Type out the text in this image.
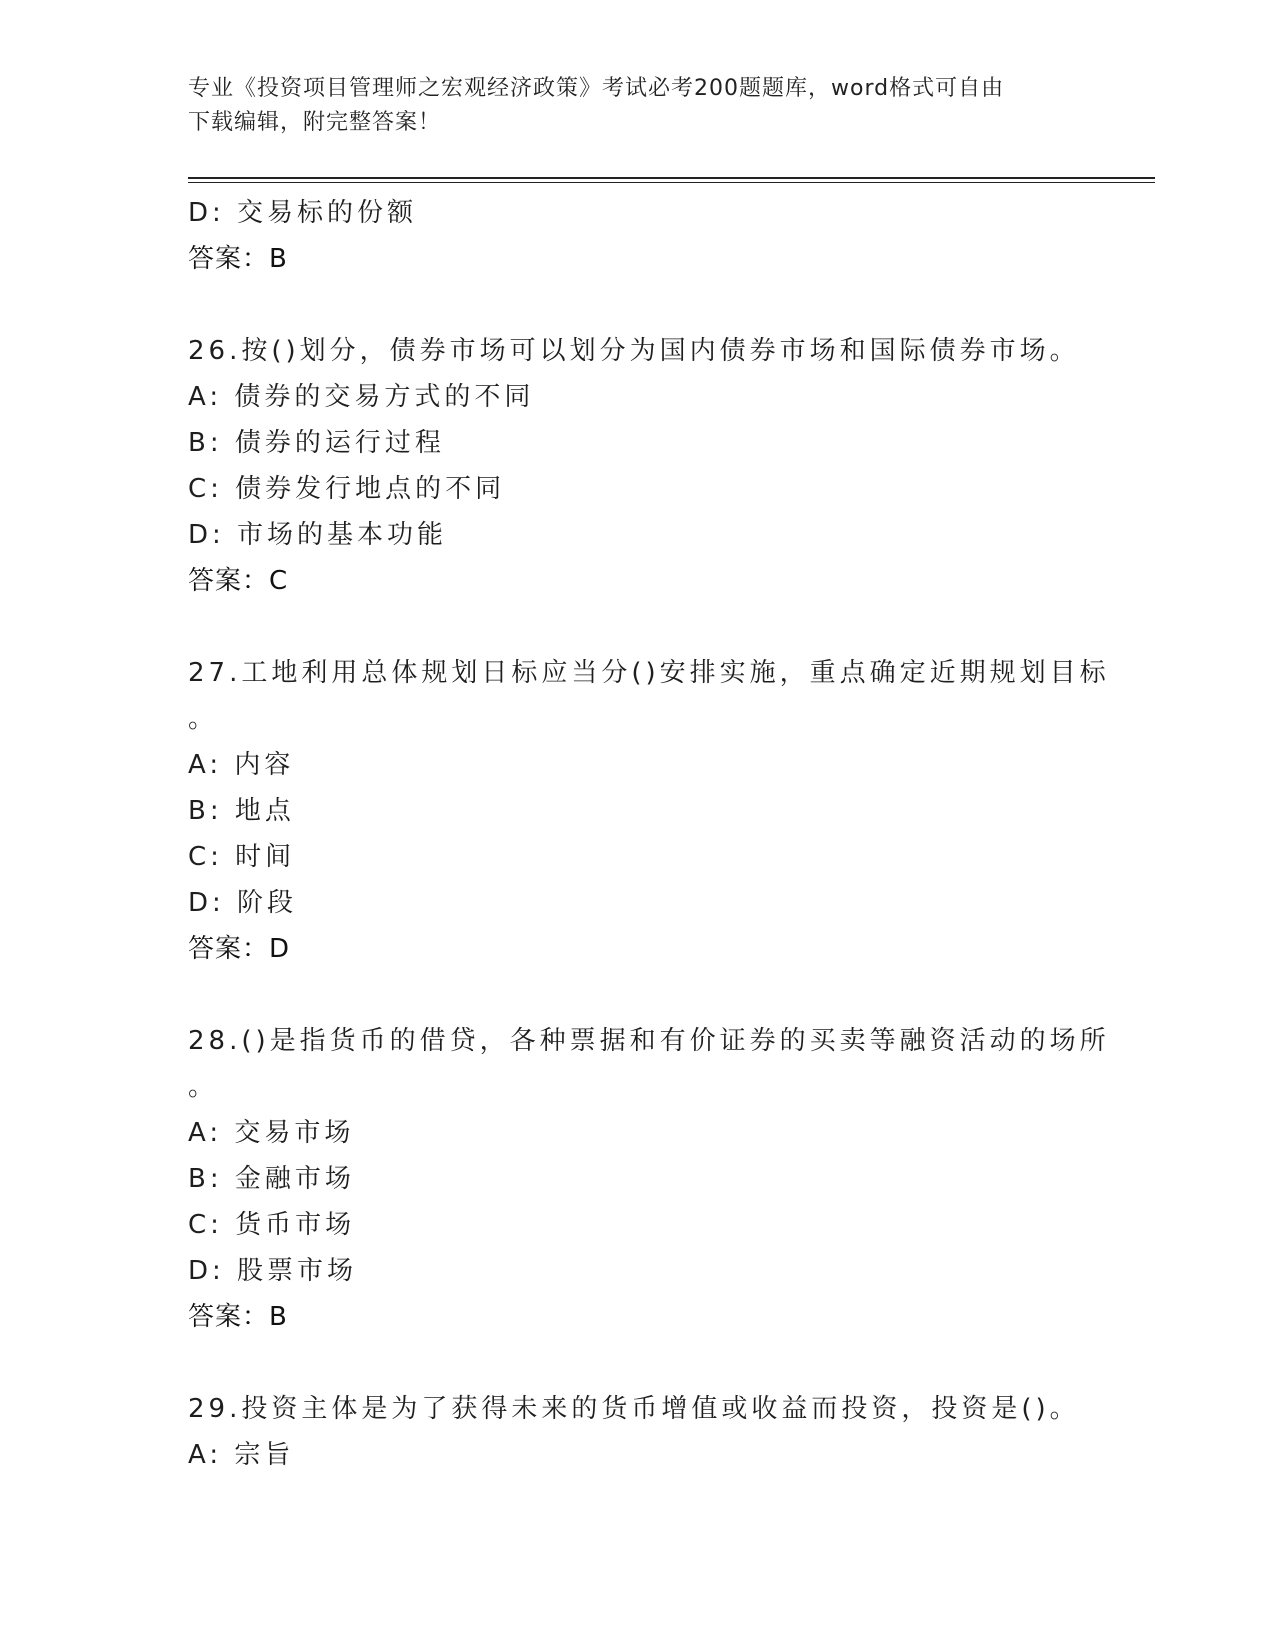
专业《投资项目管理师之宏观经济政策》考试必考200题题库，word格式可自由
下载编辑，附完整答案！
D: 交易标的份额
答案：B
26.按()划分，债券市场可以划分为国内债券市场和国际债券市场。
A: 债券的交易方式的不同
B: 债券的运行过程
C: 债券发行地点的不同
D: 市场的基本功能
答案：C
27.工地利用总体规划日标应当分()安排实施，重点确定近期规划目标
。
A: 内容
B: 地点
C: 时间
D: 阶段
答案：D
28.()是指货币的借贷，各种票据和有价证券的买卖等融资活动的场所
。
A: 交易市场
B: 金融市场
C: 货币市场
D: 股票市场
答案：B
29.投资主体是为了获得未来的货币增值或收益而投资，投资是()。
A: 宗旨
